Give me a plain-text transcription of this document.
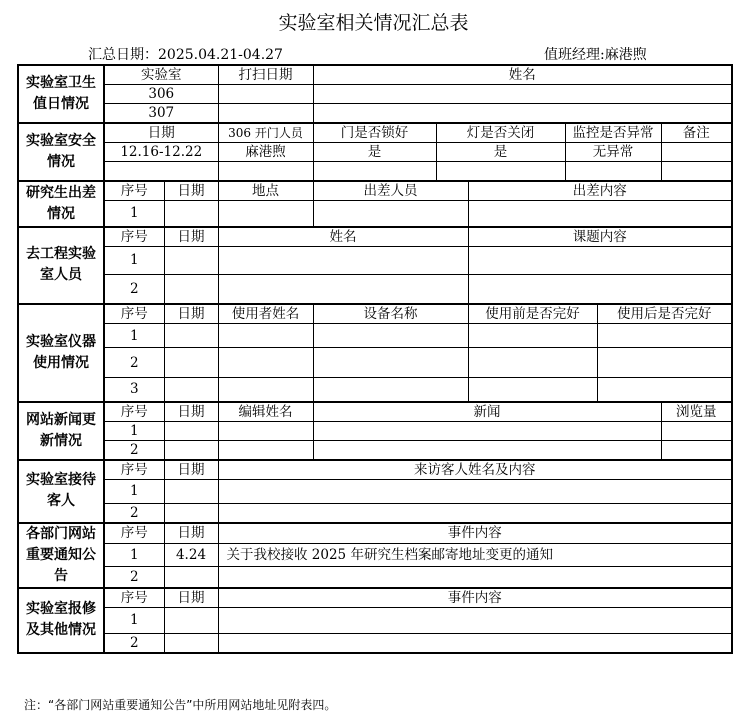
实验室相关情况汇总表
汇总日期：2025.04.21-04.27	值班经理:麻港煦
实验室卫生值日情况	实验室		打扫日期	姓名					
	306								
	307								
实验室安全情况	日期		306 开门人员	门是否锁好	灯是否关闭		监控是否异常		备注
	12.16-12.22		麻港煦	是	是		无异常		

研究生出差情况	序号	日期	地点	出差人员		出差内容			
	1								
去工程实验室人员	序号	日期	姓名			课题内容			
	1								
	2								
实验室仪器使用情况	序号	日期	使用者姓名	设备名称		使用前是否完好		使用后是否完好	
	1								
	2								
	3								
网站新闻更新情况	序号	日期	编辑姓名	新闻					浏览量
	1								
	2								
实验室接待客人	序号	日期	来访客人姓名及内容						
	1								
	2								
各部门网站重要通知公告	序号	日期	事件内容						
	1	4.24	关于我校接收 2025 年研究生档案邮寄地址变更的通知						
	2								
实验室报修及其他情况	序号	日期	事件内容						
	1								
	2								
注：“各部门网站重要通知公告”中所用网站地址见附表四。
